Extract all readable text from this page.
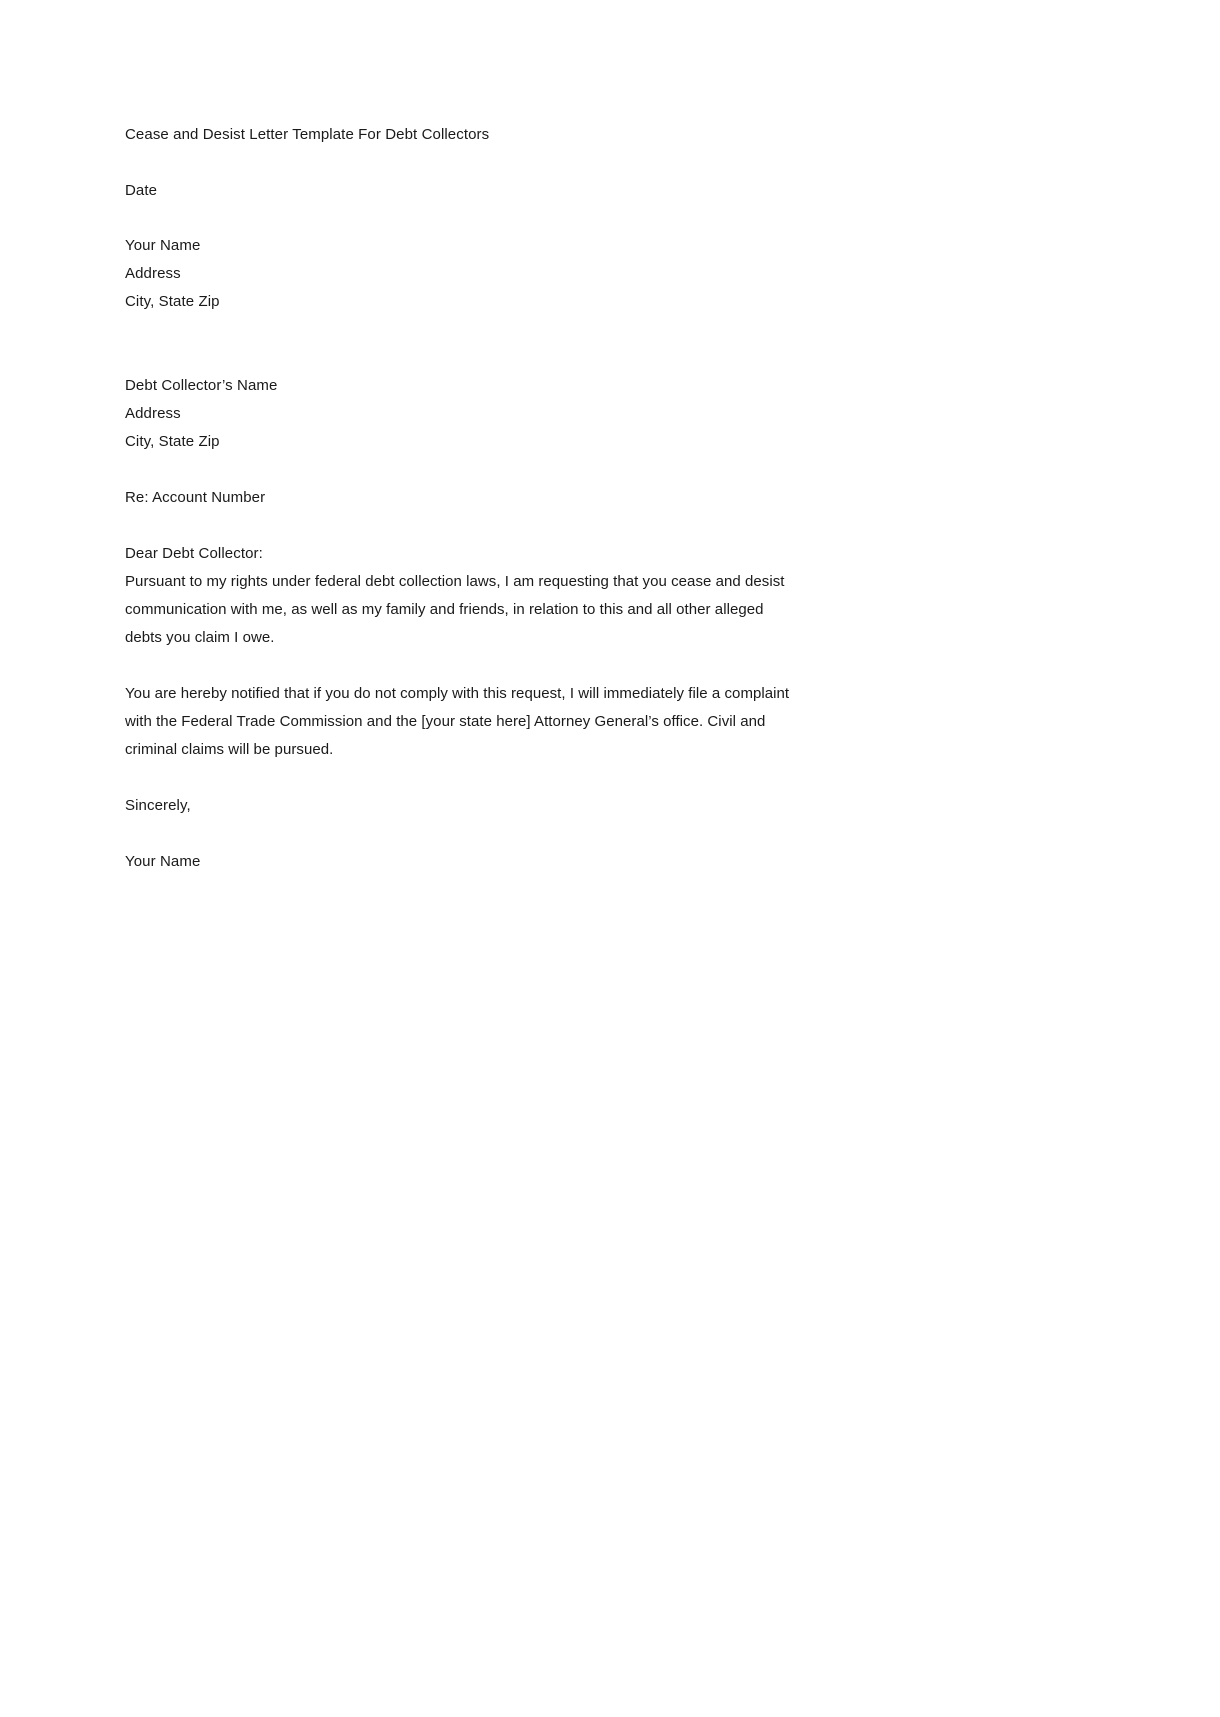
Cease and Desist Letter Template For Debt Collectors
Date
Your Name
Address
City, State Zip
Debt Collector’s Name
Address
City, State Zip
Re: Account Number
Dear Debt Collector:
Pursuant to my rights under federal debt collection laws, I am requesting that you cease and desist
communication with me, as well as my family and friends, in relation to this and all other alleged
debts you claim I owe.
You are hereby notified that if you do not comply with this request, I will immediately file a complaint
with the Federal Trade Commission and the [your state here] Attorney General’s office. Civil and
criminal claims will be pursued.
Sincerely,
Your Name
